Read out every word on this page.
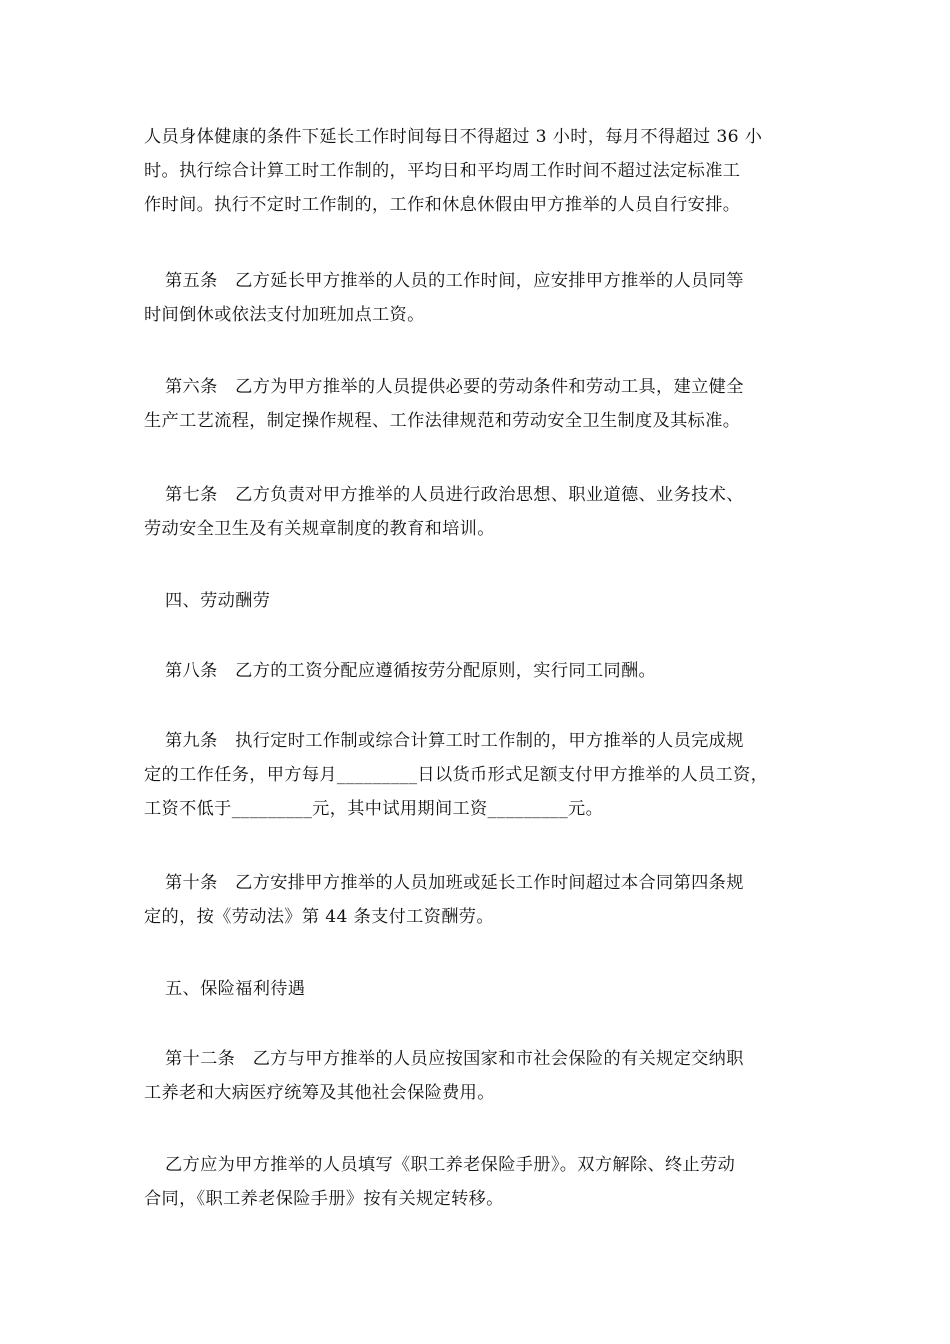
人员身体健康的条件下延长工作时间每日不得超过 3 小时，每月不得超过 36 小
时。执行综合计算工时工作制的，平均日和平均周工作时间不超过法定标准工
作时间。执行不定时工作制的，工作和休息休假由甲方推举的人员自行安排。
第五条　乙方延长甲方推举的人员的工作时间，应安排甲方推举的人员同等
时间倒休或依法支付加班加点工资。
第六条　乙方为甲方推举的人员提供必要的劳动条件和劳动工具，建立健全
生产工艺流程，制定操作规程、工作法律规范和劳动安全卫生制度及其标准。
第七条　乙方负责对甲方推举的人员进行政治思想、职业道德、业务技术、
劳动安全卫生及有关规章制度的教育和培训。
四、劳动酬劳
第八条　乙方的工资分配应遵循按劳分配原则，实行同工同酬。
第九条　执行定时工作制或综合计算工时工作制的，甲方推举的人员完成规
定的工作任务，甲方每月_________日以货币形式足额支付甲方推举的人员工资，
工资不低于_________元，其中试用期间工资_________元。
第十条　乙方安排甲方推举的人员加班或延长工作时间超过本合同第四条规
定的，按《劳动法》第 44 条支付工资酬劳。
五、保险福利待遇
第十二条　乙方与甲方推举的人员应按国家和市社会保险的有关规定交纳职
工养老和大病医疗统筹及其他社会保险费用。
乙方应为甲方推举的人员填写《职工养老保险手册》。双方解除、终止劳动
合同，《职工养老保险手册》按有关规定转移。
